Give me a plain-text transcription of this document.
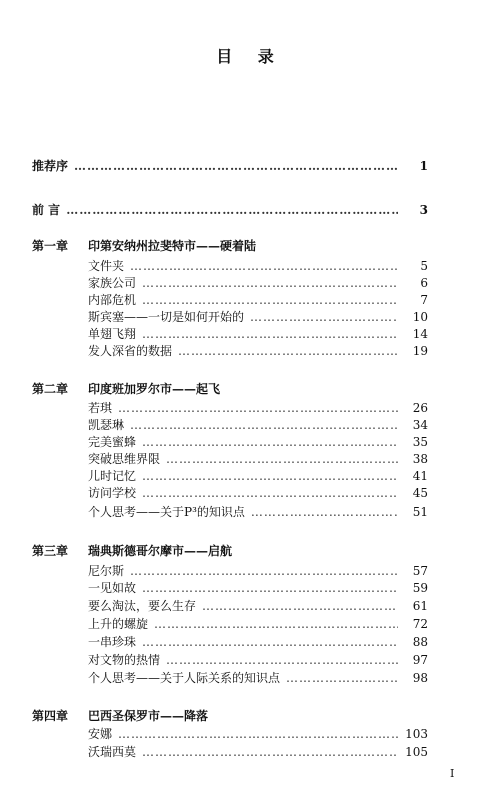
目 录
推荐序 …………………………………………………………………………………………………………………………………………………………………	1
前 言 …………………………………………………………………………………………………………………………………………………………………	3
第一章 印第安纳州拉斐特市——硬着陆
文件夹 …………………………………………………………………………………………………………………………………………………………………	5
家族公司 …………………………………………………………………………………………………………………………………………………………………	6
内部危机 …………………………………………………………………………………………………………………………………………………………………	7
斯宾塞——一切是如何开始的 …………………………………………………………………………………………………………………………………………………………………	10
单翅飞翔 …………………………………………………………………………………………………………………………………………………………………	14
发人深省的数据 …………………………………………………………………………………………………………………………………………………………………	19
第二章 印度班加罗尔市——起飞
若琪 …………………………………………………………………………………………………………………………………………………………………	26
凯瑟琳 …………………………………………………………………………………………………………………………………………………………………	34
完美蜜蜂 …………………………………………………………………………………………………………………………………………………………………	35
突破思维界限 …………………………………………………………………………………………………………………………………………………………………	38
儿时记忆 …………………………………………………………………………………………………………………………………………………………………	41
访问学校 …………………………………………………………………………………………………………………………………………………………………	45
个人思考——关于P³的知识点 …………………………………………………………………………………………………………………………………………………………………	51
第三章 瑞典斯德哥尔摩市——启航
尼尔斯 …………………………………………………………………………………………………………………………………………………………………	57
一见如故 …………………………………………………………………………………………………………………………………………………………………	59
要么淘汰，要么生存 …………………………………………………………………………………………………………………………………………………………………	61
上升的螺旋 …………………………………………………………………………………………………………………………………………………………………	72
一串珍珠 …………………………………………………………………………………………………………………………………………………………………	88
对文物的热情 …………………………………………………………………………………………………………………………………………………………………	97
个人思考——关于人际关系的知识点 …………………………………………………………………………………………………………………………………………………………………	98
第四章 巴西圣保罗市——降落
安娜 …………………………………………………………………………………………………………………………………………………………………	103
沃瑞西莫 …………………………………………………………………………………………………………………………………………………………………	105
I
